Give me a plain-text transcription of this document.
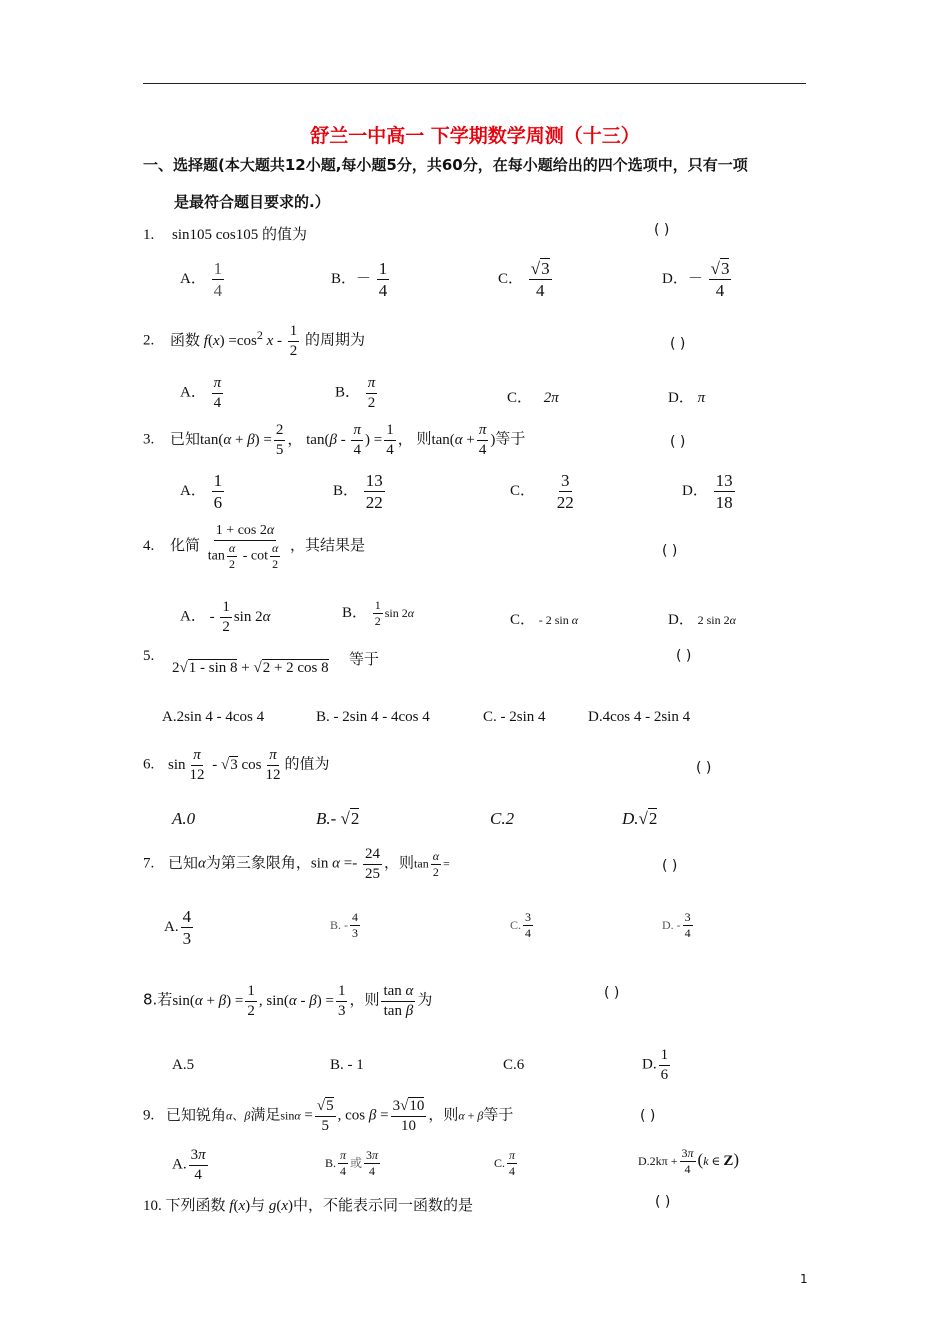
舒兰一中高一 下学期数学周测（十三）
一、选择题(本大题共12小题,每小题5分，共60分，在每小题给出的四个选项中，只有一项
是最符合题目要求的.）
1. sin105 cos105 的值为	( )
A． $\frac{1}{4}$	B．－ $\frac{1}{4}$	C． $\frac{√3}{4}$	D．－ $\frac{√3}{4}$
2. 函数 $f(x) =\cos^2$ x - $\frac{1}{2}$ 的周期为	( )
A． $\frac{\pi}{4}$	B． $\frac{\pi}{2}$	C． 2π	D． π
3. 已知$\tan(\alpha + \beta) = \frac{2}{5}$ ， $\tan(\beta - \frac{\pi}{4}$ ) = $\frac{1}{4}$ ， 则$\tan(\alpha + \frac{\pi}{4}$ )等于	( )
A． $\frac{1}{6}$	B． $\frac{13}{22}$	C． $\frac{3}{22}$	D． $\frac{13}{18}$
4. 化简 $\frac{1 + \cos 2\alpha}{\tan \frac{\alpha}{2} - \cot \frac{\alpha}{2}}$ ，其结果是	( )
A． - $\frac{1}{2}$ sin 2α	B． $\frac{1}{2}$ sin 2α	C． - 2 sin α	D． 2 sin 2α
5.
2√1 - sin 8 + √2 + 2 cos 8 等于	( )
A.2sin 4 - 4cos 4	B. - 2sin 4 - 4cos 4	C. - 2sin 4	D.4cos 4 - 2sin 4
6. $\sin \frac{\pi}{12} - √3$ $\cos \frac{\pi}{12}$ 的值为	( )
A.0	B.- √2	C.2	D.√2
7. 已知α为第三象限角，$\sin \alpha =- \frac{24}{25}$ ，则$\tan \frac{\alpha}{2}$ =	( )
A. $\frac{4}{3}$	B. - $\frac{4}{3}$	C. $\frac{3}{4}$	D. - $\frac{3}{4}$
8.若$\sin(\alpha + \beta) = \frac{1}{2}$ , $\sin(\alpha - \beta) = \frac{1}{3}$ ，则 $\frac{\text{tan α}}{\text{tan β}}$ 为	( )
A.5	B. - 1	C.6	D. $\frac{1}{6}$
9. 已知锐角α、β满足$\sin\alpha = \frac{√5}{5}$ , $\cos \beta = \frac{3√10}{10}$ ，则α + β等于	( )
A. $\frac{3\pi}{4}$	B. $\frac{\pi}{4}$ 或 $\frac{3\pi}{4}$	C. $\frac{\pi}{4}$	$D.2k\pi + \frac{3\pi}{4} (k$ ∈ Z)
10. 下列函数 f(x)与 g(x)中，不能表示同一函数的是	( )
1
